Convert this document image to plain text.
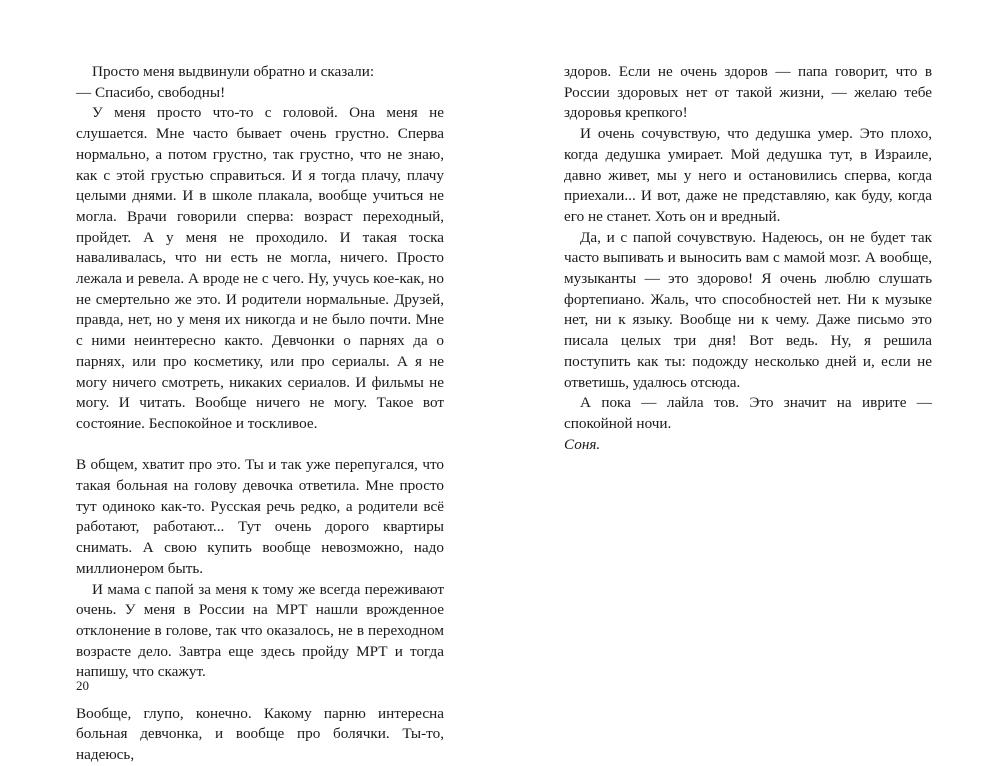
Просто меня выдвинули обратно и сказали:

— Спасибо, свободны!

У меня просто что-то с головой. Она меня не слушается. Мне часто бывает очень грустно. Сперва нормально, а потом грустно, так грустно, что не знаю, как с этой грустью справиться. И я тогда плачу, плачу целыми днями. И в школе плакала, вообще учиться не могла. Врачи говорили сперва: возраст переходный, пройдет. А у меня не проходило. И такая тоска наваливалась, что ни есть не могла, ничего. Просто лежала и ревела. А вроде не с чего. Ну, учусь кое-как, но не смертельно же это. И родители нормальные. Друзей, правда, нет, но у меня их никогда и не было почти. Мне с ними неинтересно както. Девчонки о парнях да о парнях, или про косметику, или про сериалы. А я не могу ничего смотреть, никаких сериалов. И фильмы не могу. И читать. Вообще ничего не могу. Такое вот состояние. Беспокойное и тоскливое.

В общем, хватит про это. Ты и так уже перепугался, что такая больная на голову девочка ответила. Мне просто тут одиноко как-то. Русская речь редко, а родители всё работают, работают... Тут очень дорого квартиры снимать. А свою купить вообще невозможно, надо миллионером быть.

И мама с папой за меня к тому же всегда переживают очень. У меня в России на МРТ нашли врожденное отклонение в голове, так что оказалось, не в переходном возрасте дело. Завтра еще здесь пройду МРТ и тогда напишу, что скажут.

Вообще, глупо, конечно. Какому парню интересна больная девчонка, и вообще про болячки. Ты-то, надеюсь,

здоров. Если не очень здоров — папа говорит, что в России здоровых нет от такой жизни, — желаю тебе здоровья крепкого!

И очень сочувствую, что дедушка умер. Это плохо, когда дедушка умирает. Мой дедушка тут, в Израиле, давно живет, мы у него и остановились сперва, когда приехали... И вот, даже не представляю, как буду, когда его не станет. Хоть он и вредный.

Да, и с папой сочувствую. Надеюсь, он не будет так часто выпивать и выносить вам с мамой мозг. А вообще, музыканты — это здорово! Я очень люблю слушать фортепиано. Жаль, что способностей нет. Ни к музыке нет, ни к языку. Вообще ни к чему. Даже письмо это писала целых три дня! Вот ведь. Ну, я решила поступить как ты: подожду несколько дней и, если не ответишь, удалюсь отсюда.

А пока — лайла тов. Это значит на иврите — спокойной ночи.

Соня.

20
